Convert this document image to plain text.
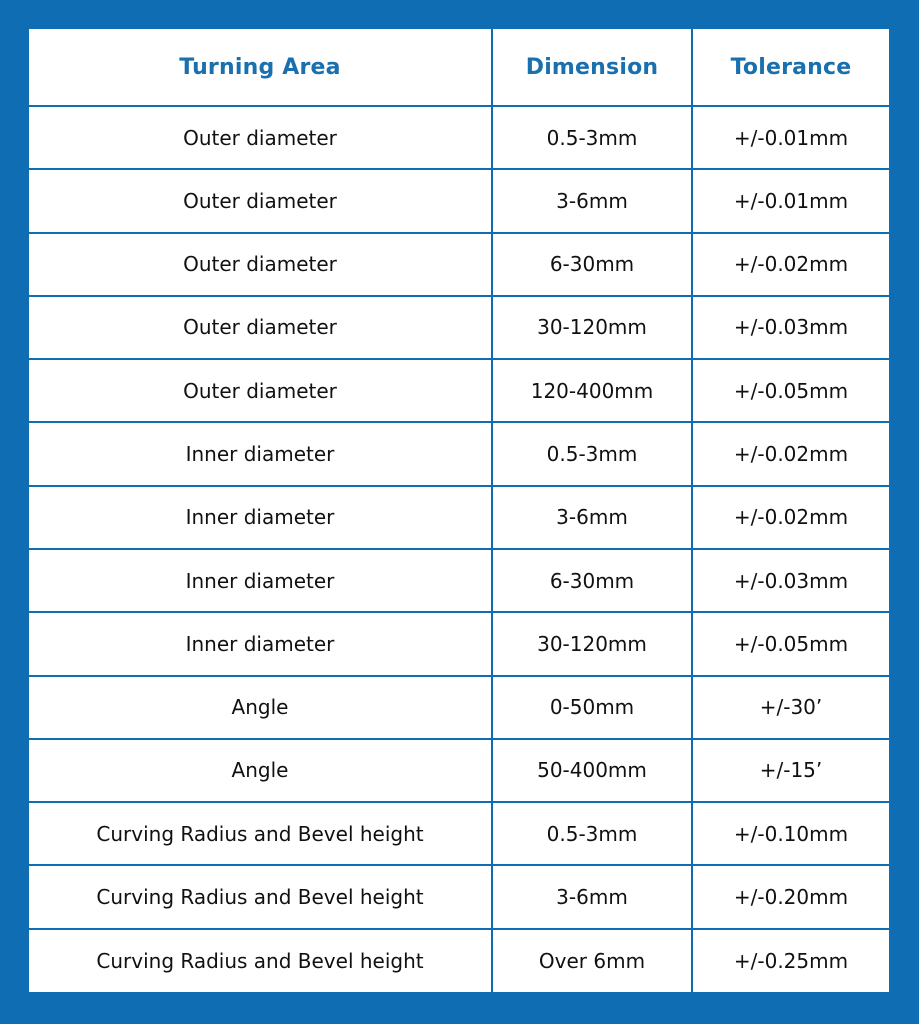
Turning Area	Dimension	Tolerance
Outer diameter	0.5-3mm	+/-0.01mm
Outer diameter	3-6mm	+/-0.01mm
Outer diameter	6-30mm	+/-0.02mm
Outer diameter	30-120mm	+/-0.03mm
Outer diameter	120-400mm	+/-0.05mm
Inner diameter	0.5-3mm	+/-0.02mm
Inner diameter	3-6mm	+/-0.02mm
Inner diameter	6-30mm	+/-0.03mm
Inner diameter	30-120mm	+/-0.05mm
Angle	0-50mm	+/-30’
Angle	50-400mm	+/-15’
Curving Radius and Bevel height	0.5-3mm	+/-0.10mm
Curving Radius and Bevel height	3-6mm	+/-0.20mm
Curving Radius and Bevel height	Over 6mm	+/-0.25mm
